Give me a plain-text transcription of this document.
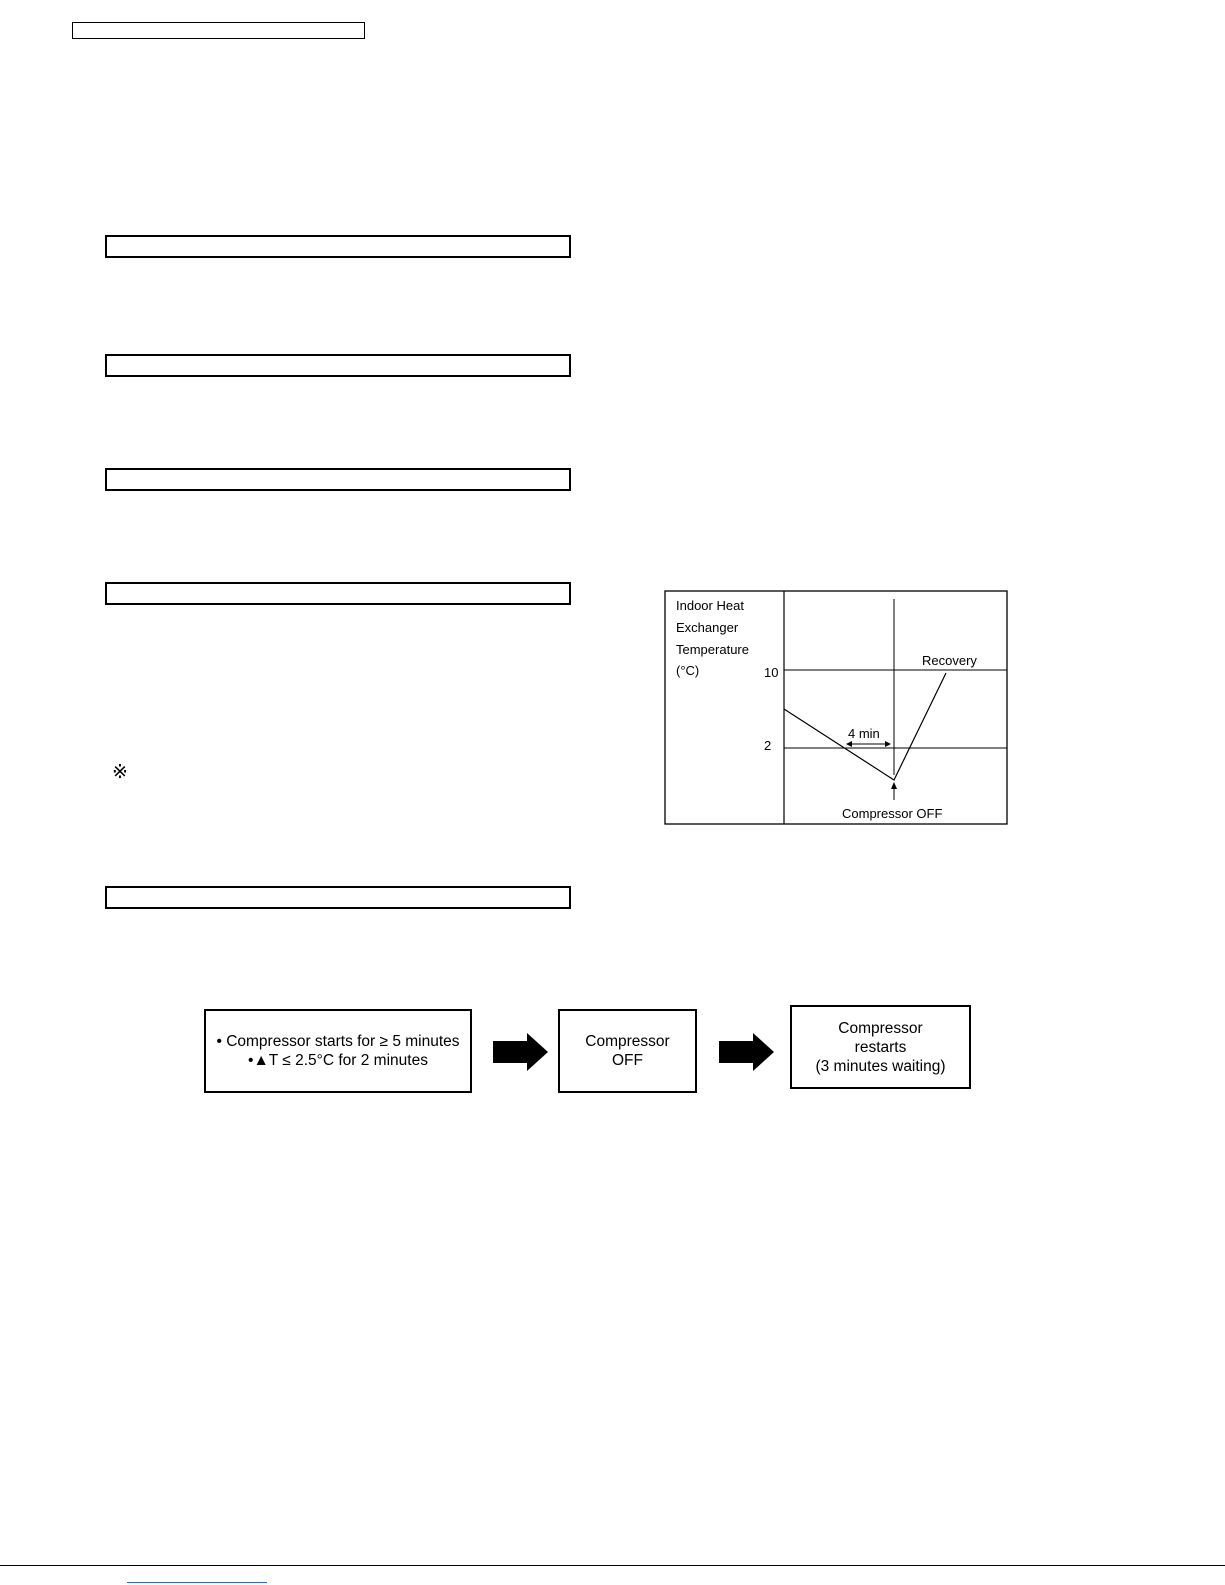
※
Indoor Heat
Exchanger
Temperature
(°C)	10
2
4 min
Recovery
Compressor OFF
• Compressor starts for ≥ 5 minutes
•▲T ≤ 2.5°C for 2 minutes
Compressor
OFF
Compressor
restarts
(3 minutes waiting)
